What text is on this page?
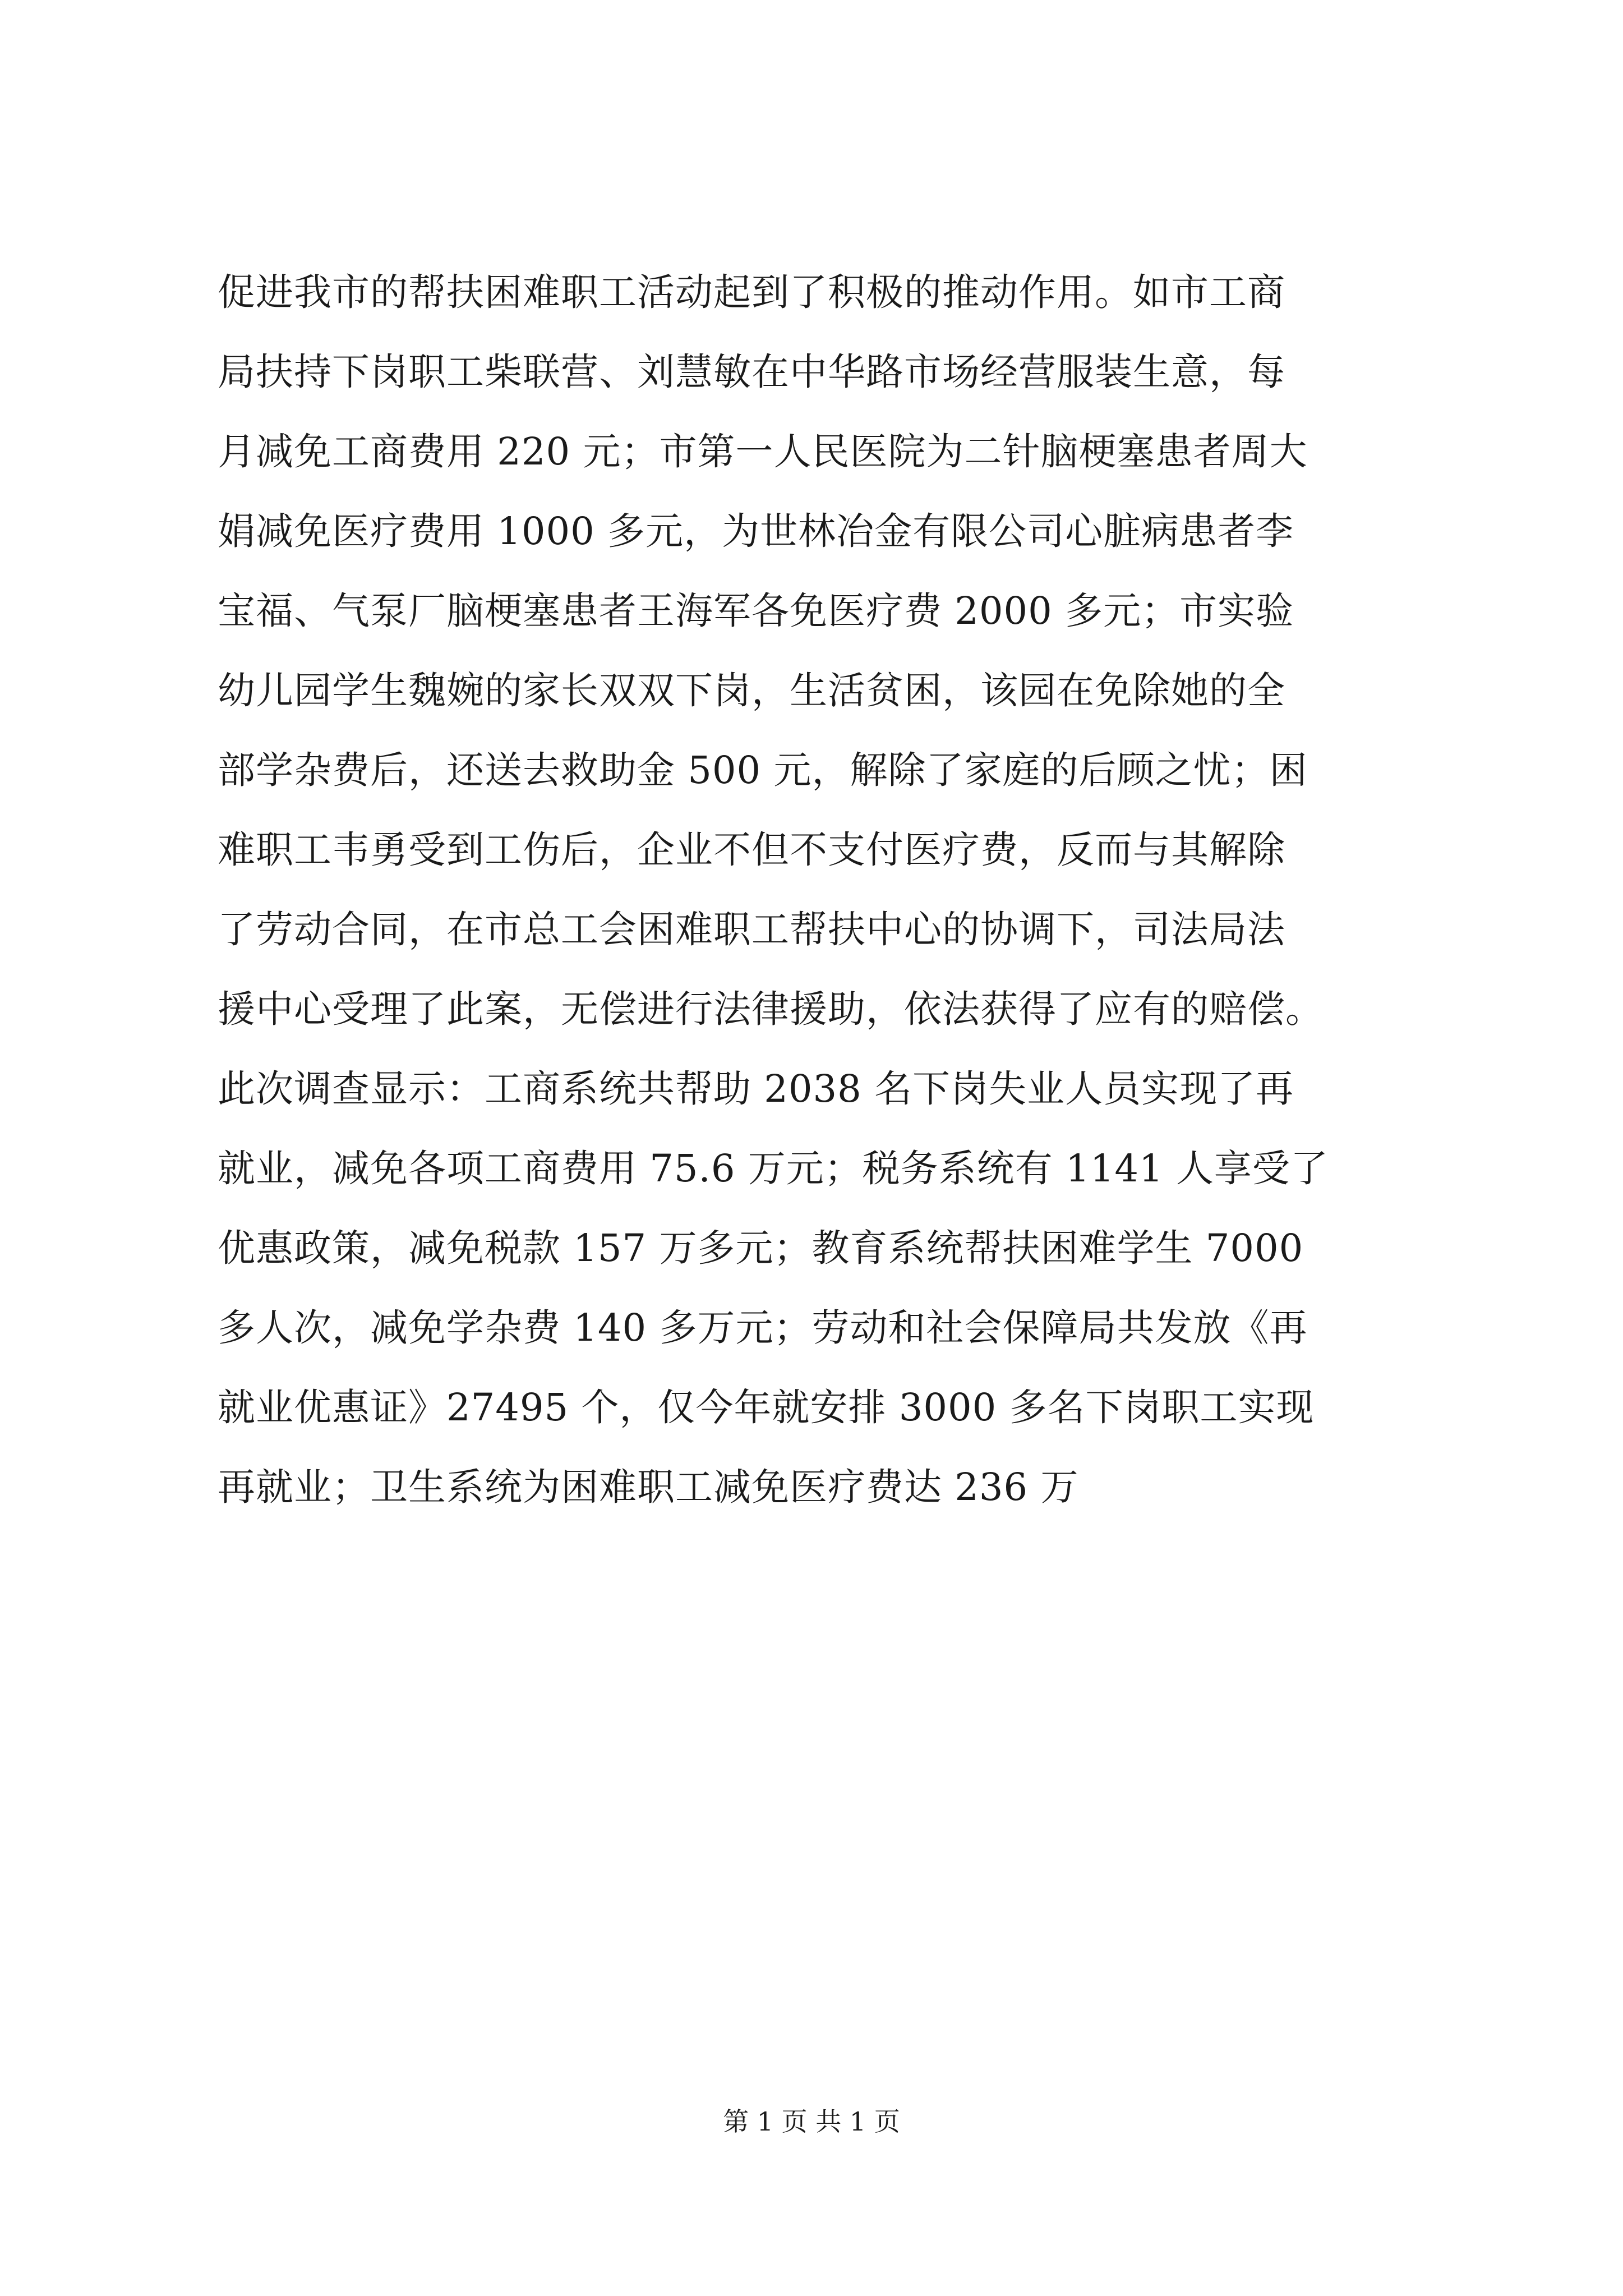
促进我市的帮扶困难职工活动起到了积极的推动作用。如市工商
局扶持下岗职工柴联营、刘慧敏在中华路市场经营服装生意，每
月减免工商费用 220 元；市第一人民医院为二针脑梗塞患者周大
娟减免医疗费用 1000 多元，为世林冶金有限公司心脏病患者李
宝福、气泵厂脑梗塞患者王海军各免医疗费 2000 多元；市实验
幼儿园学生魏婉的家长双双下岗，生活贫困，该园在免除她的全
部学杂费后，还送去救助金 500 元，解除了家庭的后顾之忧；困
难职工韦勇受到工伤后，企业不但不支付医疗费，反而与其解除
了劳动合同，在市总工会困难职工帮扶中心的协调下，司法局法
援中心受理了此案，无偿进行法律援助，依法获得了应有的赔偿。
此次调查显示：工商系统共帮助 2038 名下岗失业人员实现了再
就业，减免各项工商费用 75.6 万元；税务系统有 1141 人享受了
优惠政策，减免税款 157 万多元；教育系统帮扶困难学生 7000
多人次，减免学杂费 140 多万元；劳动和社会保障局共发放《再
就业优惠证》27495 个，仅今年就安排 3000 多名下岗职工实现
再就业；卫生系统为困难职工减免医疗费达 236 万
第 1 页 共 1 页
